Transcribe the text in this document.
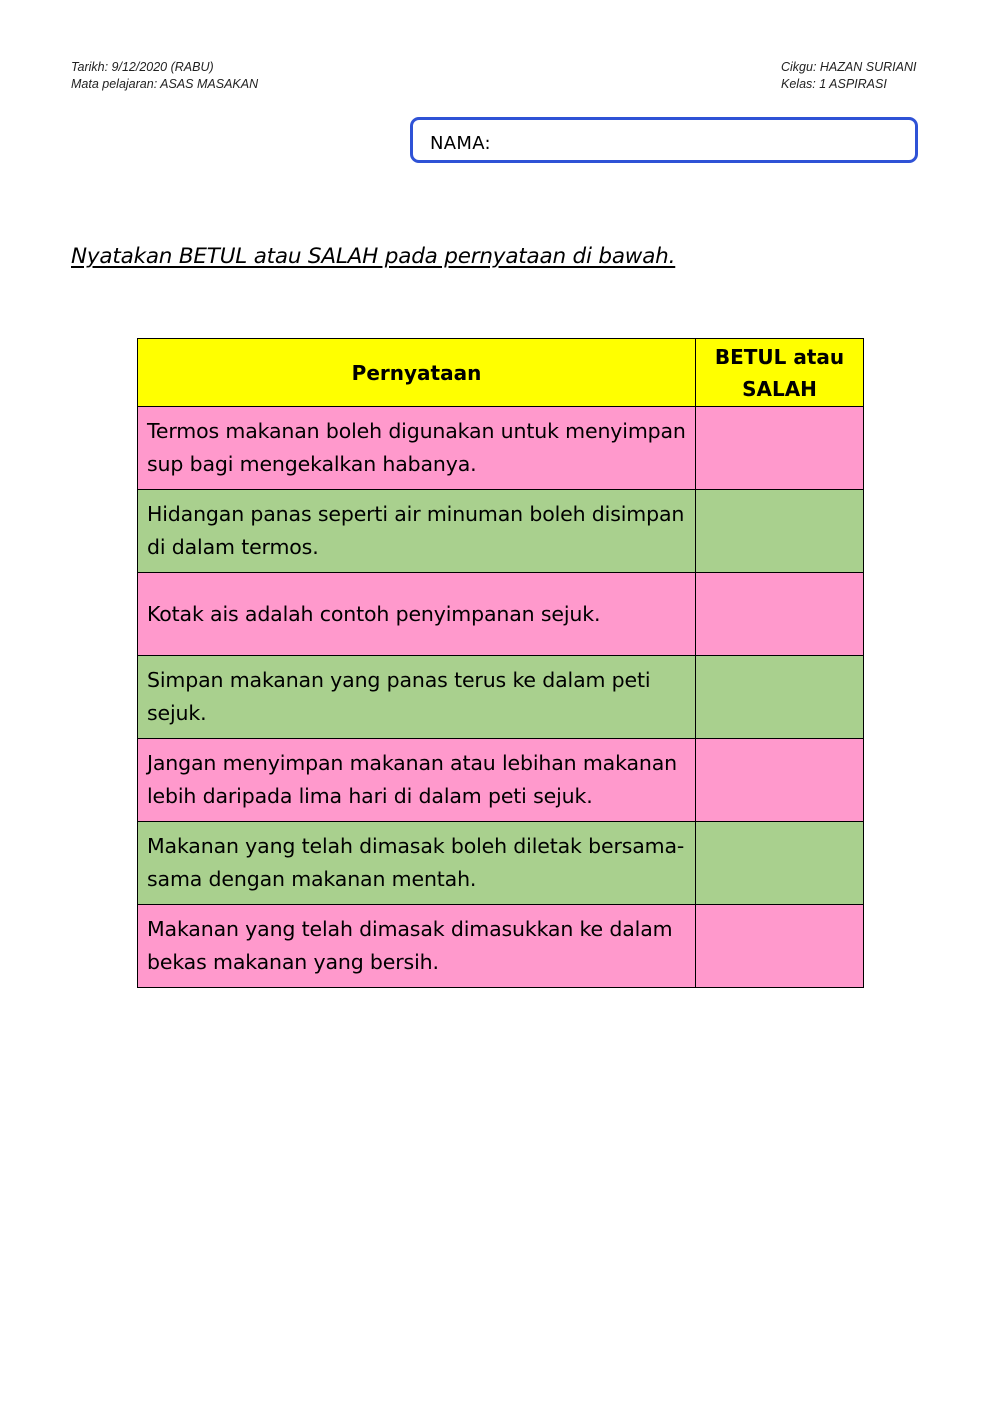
Tarikh: 9/12/2020 (RABU)
Mata pelajaran: ASAS MASAKAN
Cikgu: HAZAN SURIANI
Kelas: 1 ASPIRASI
NAMA:
Nyatakan BETUL atau SALAH pada pernyataan di bawah.
Pernyataan	BETUL atau SALAH
Termos makanan boleh digunakan untuk menyimpan sup bagi mengekalkan habanya.	
Hidangan panas seperti air minuman boleh disimpan di dalam termos.	
Kotak ais adalah contoh penyimpanan sejuk.	
Simpan makanan yang panas terus ke dalam peti sejuk.	
Jangan menyimpan makanan atau lebihan makanan lebih daripada lima hari di dalam peti sejuk.	
Makanan yang telah dimasak boleh diletak bersama-sama dengan makanan mentah.	
Makanan yang telah dimasak dimasukkan ke dalam bekas makanan yang bersih.	
